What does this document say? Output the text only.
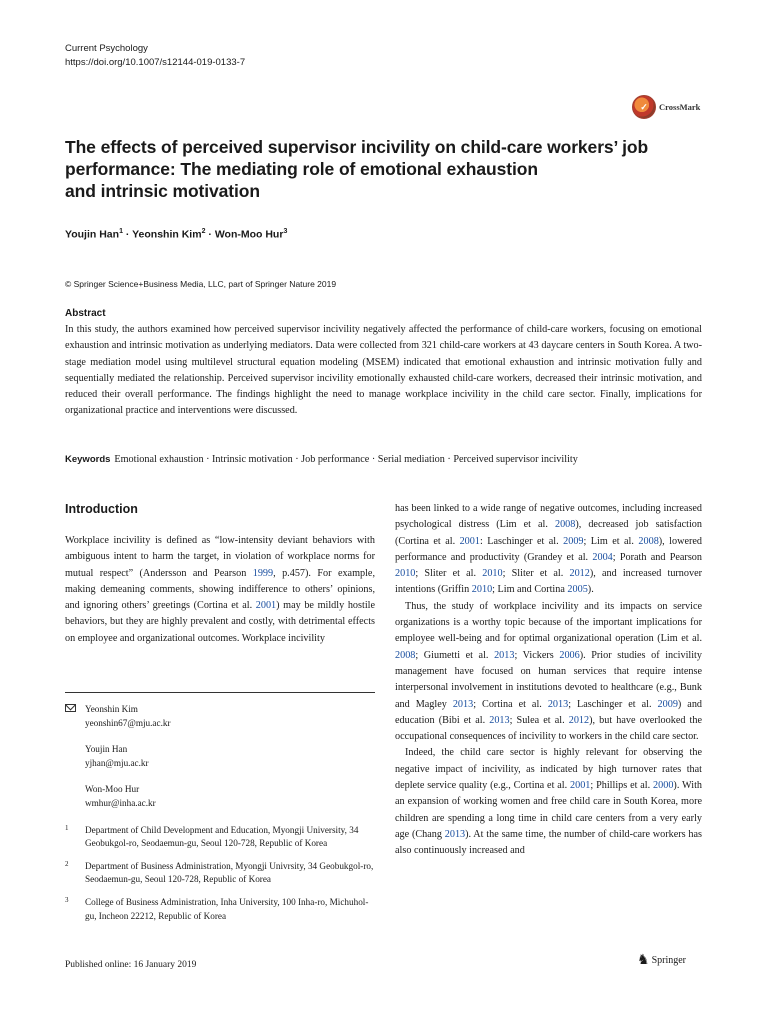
Current Psychology
https://doi.org/10.1007/s12144-019-0133-7
✓	CrossMark
The effects of perceived supervisor incivility on child-care workers’ job
performance: The mediating role of emotional exhaustion
and intrinsic motivation
Youjin Han$^1$ · Yeonshin Kim$^2$ · Won-Moo Hur$^3$
© Springer Science+Business Media, LLC, part of Springer Nature 2019
Abstract
In this study, the authors examined how perceived supervisor incivility negatively affected the performance of child-care workers, focusing on emotional exhaustion and intrinsic motivation as underlying mediators. Data were collected from 321 child-care workers at 43 daycare centers in South Korea. A two-stage mediation model using multilevel structural equation modeling (MSEM) indicated that emotional exhaustion and intrinsic motivation fully and sequentially mediated the relationship. Perceived supervisor incivility emotionally exhausted child-care workers, decreased their intrinsic motivation, and reduced their overall performance. The findings highlight the need to manage workplace incivility in the child care sector. Finally, implications for organizational practice and interventions were discussed.
Keywords Emotional exhaustion · Intrinsic motivation · Job performance · Serial mediation · Perceived supervisor incivility
Introduction

Workplace incivility is defined as “low-intensity deviant behaviors with ambiguous intent to harm the target, in violation of workplace norms for mutual respect” (Andersson and Pearson 1999, p.457). For example, making demeaning comments, showing indifference to others’ opinions, and ignoring others’ greetings (Cortina et al. 2001) may be mildly hostile behaviors, but they are highly prevalent and costly, with detrimental effects on employee and organizational outcomes. Workplace incivility

has been linked to a wide range of negative outcomes, including increased psychological distress (Lim et al. 2008), decreased job satisfaction (Cortina et al. 2001: Laschinger et al. 2009; Lim et al. 2008), lowered performance and productivity (Grandey et al. 2004; Porath and Pearson 2010; Sliter et al. 2010; Sliter et al. 2012), and increased turnover intentions (Griffin 2010; Lim and Cortina 2005).

Thus, the study of workplace incivility and its impacts on service organizations is a worthy topic because of the important implications for employee well-being and for optimal organizational operation (Lim et al. 2008; Giumetti et al. 2013; Vickers 2006). Prior studies of incivility management have focused on human services that require intense interpersonal involvement in institutions devoted to healthcare (e.g., Bunk and Magley 2013; Cortina et al. 2013; Laschinger et al. 2009) and education (Bibi et al. 2013; Sulea et al. 2012), but have overlooked the occupational consequences of incivility to workers in the child care sector.

Indeed, the child care sector is highly relevant for observing the negative impact of incivility, as indicated by high turnover rates that deplete service quality (e.g., Cortina et al. 2001; Phillips et al. 2000). With an expansion of working women and free child care in South Korea, more children are spending a long time in child care centers from a very early age (Chang 2013). At the same time, the number of child-care workers has also continuously increased and

Yeonshin Kim
yeonshin67@mju.ac.kr
Youjin Han
yjhan@mju.ac.kr
Won-Moo Hur
wmhur@inha.ac.kr
1 Department of Child Development and Education, Myongji University, 34 Geobukgol-ro, Seodaemun-gu, Seoul 120-728, Republic of Korea
2 Department of Business Administration, Myongji Univrsity, 34 Geobukgol-ro, Seodaemun-gu, Seoul 120-728, Republic of Korea
3 College of Business Administration, Inha University, 100 Inha-ro, Michuhol-gu, Incheon 22212, Republic of Korea
Published online: 16 January 2019	♞ Springer
